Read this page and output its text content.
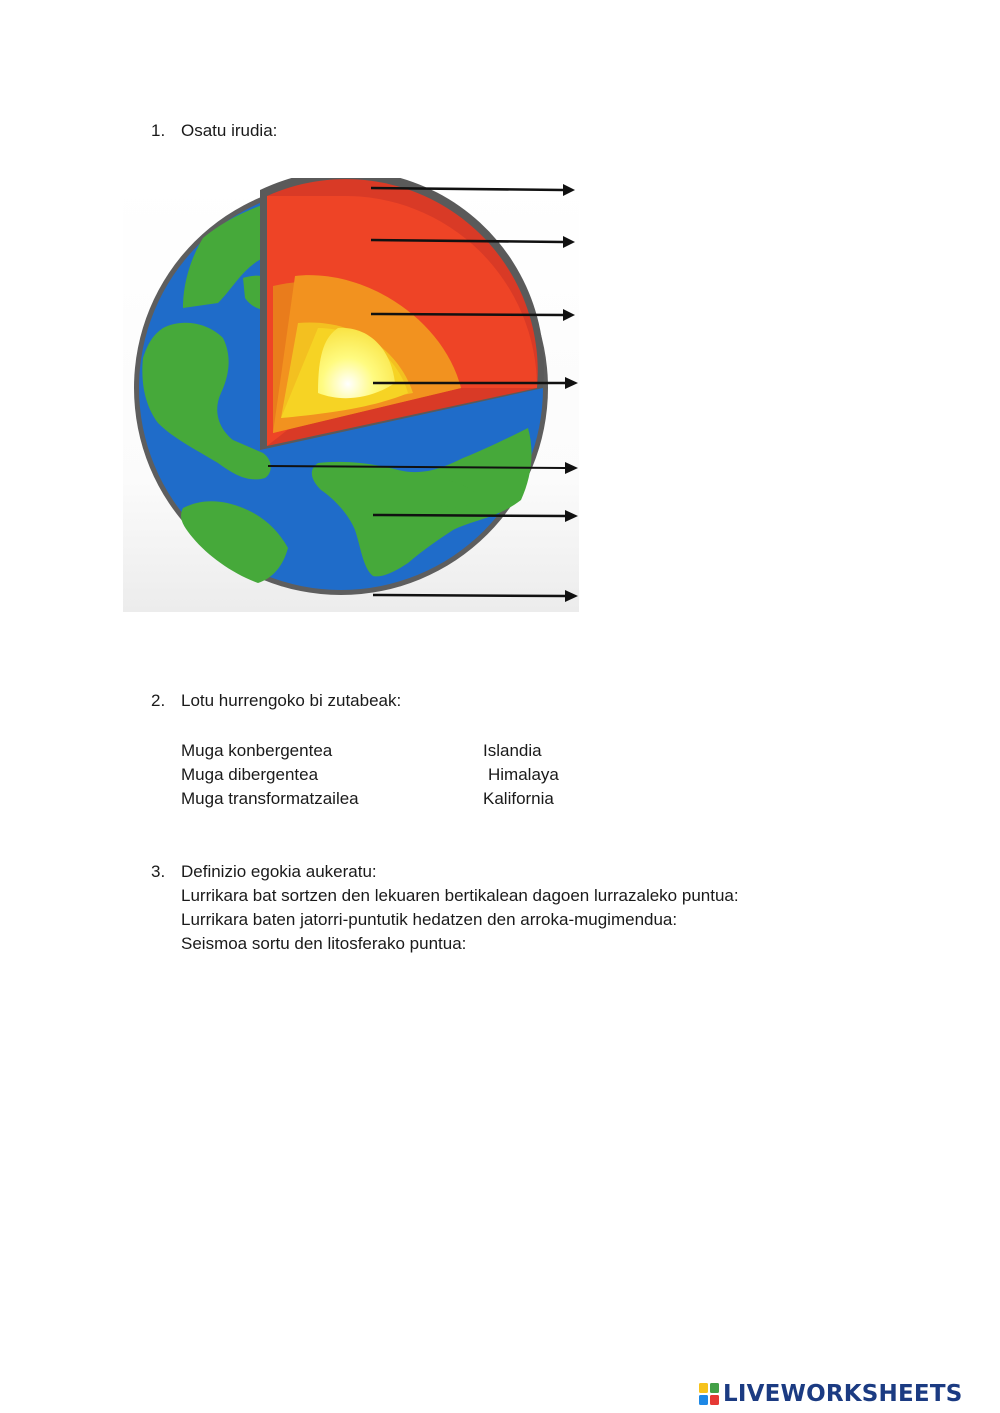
1. Osatu irudia:
2. Lotu hurrengoko bi zutabeak:
Muga konbergentea
Muga dibergentea
Muga transformatzailea
Islandia
Himalaya
Kalifornia
3. Definizio egokia aukeratu:
Lurrikara bat sortzen den lekuaren bertikalean dagoen lurrazaleko puntua:
Lurrikara baten jatorri-puntutik hedatzen den arroka-mugimendua:
Seismoa sortu den litosferako puntua:
LIVEWORKSHEETS
